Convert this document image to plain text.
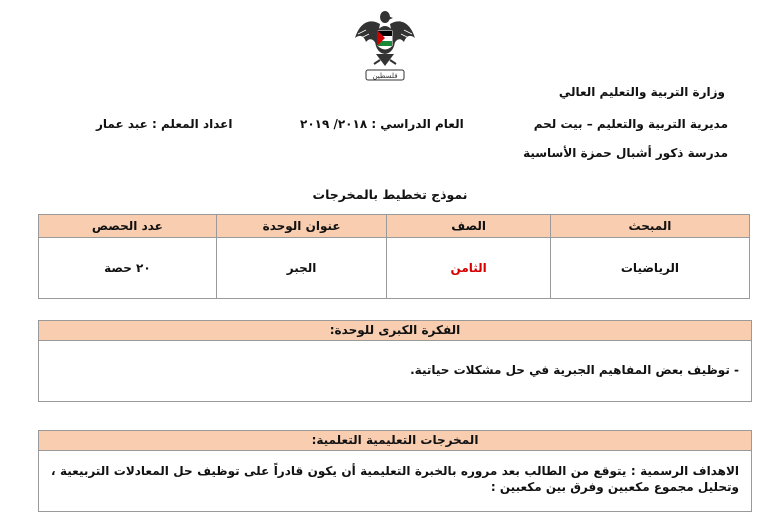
فلسطين
وزارة التربية والتعليم العالي
مديرية التربية والتعليم – بيت لحم
مدرسة ذكور أشبال حمزة الأساسية
العام الدراسي : ٢٠١٨/ ٢٠١٩
اعداد المعلم : عبد عمار
نموذج تخطيط بالمخرجات
المبحث	الصف	عنوان الوحدة	عدد الحصص
الرياضيات	الثامن	الجبر	٢٠ حصة
الفكرة الكبرى للوحدة:
- توظيف بعض المفاهيم الجبرية في حل مشكلات حياتية.
المخرجات التعليمية التعلمية:
الاهداف الرسمية : يتوقع من الطالب بعد مروره بالخبرة التعليمية أن يكون قادراً على توظيف حل المعادلات التربيعية ، وتحليل مجموع مكعبين وفرق بين مكعبين :
